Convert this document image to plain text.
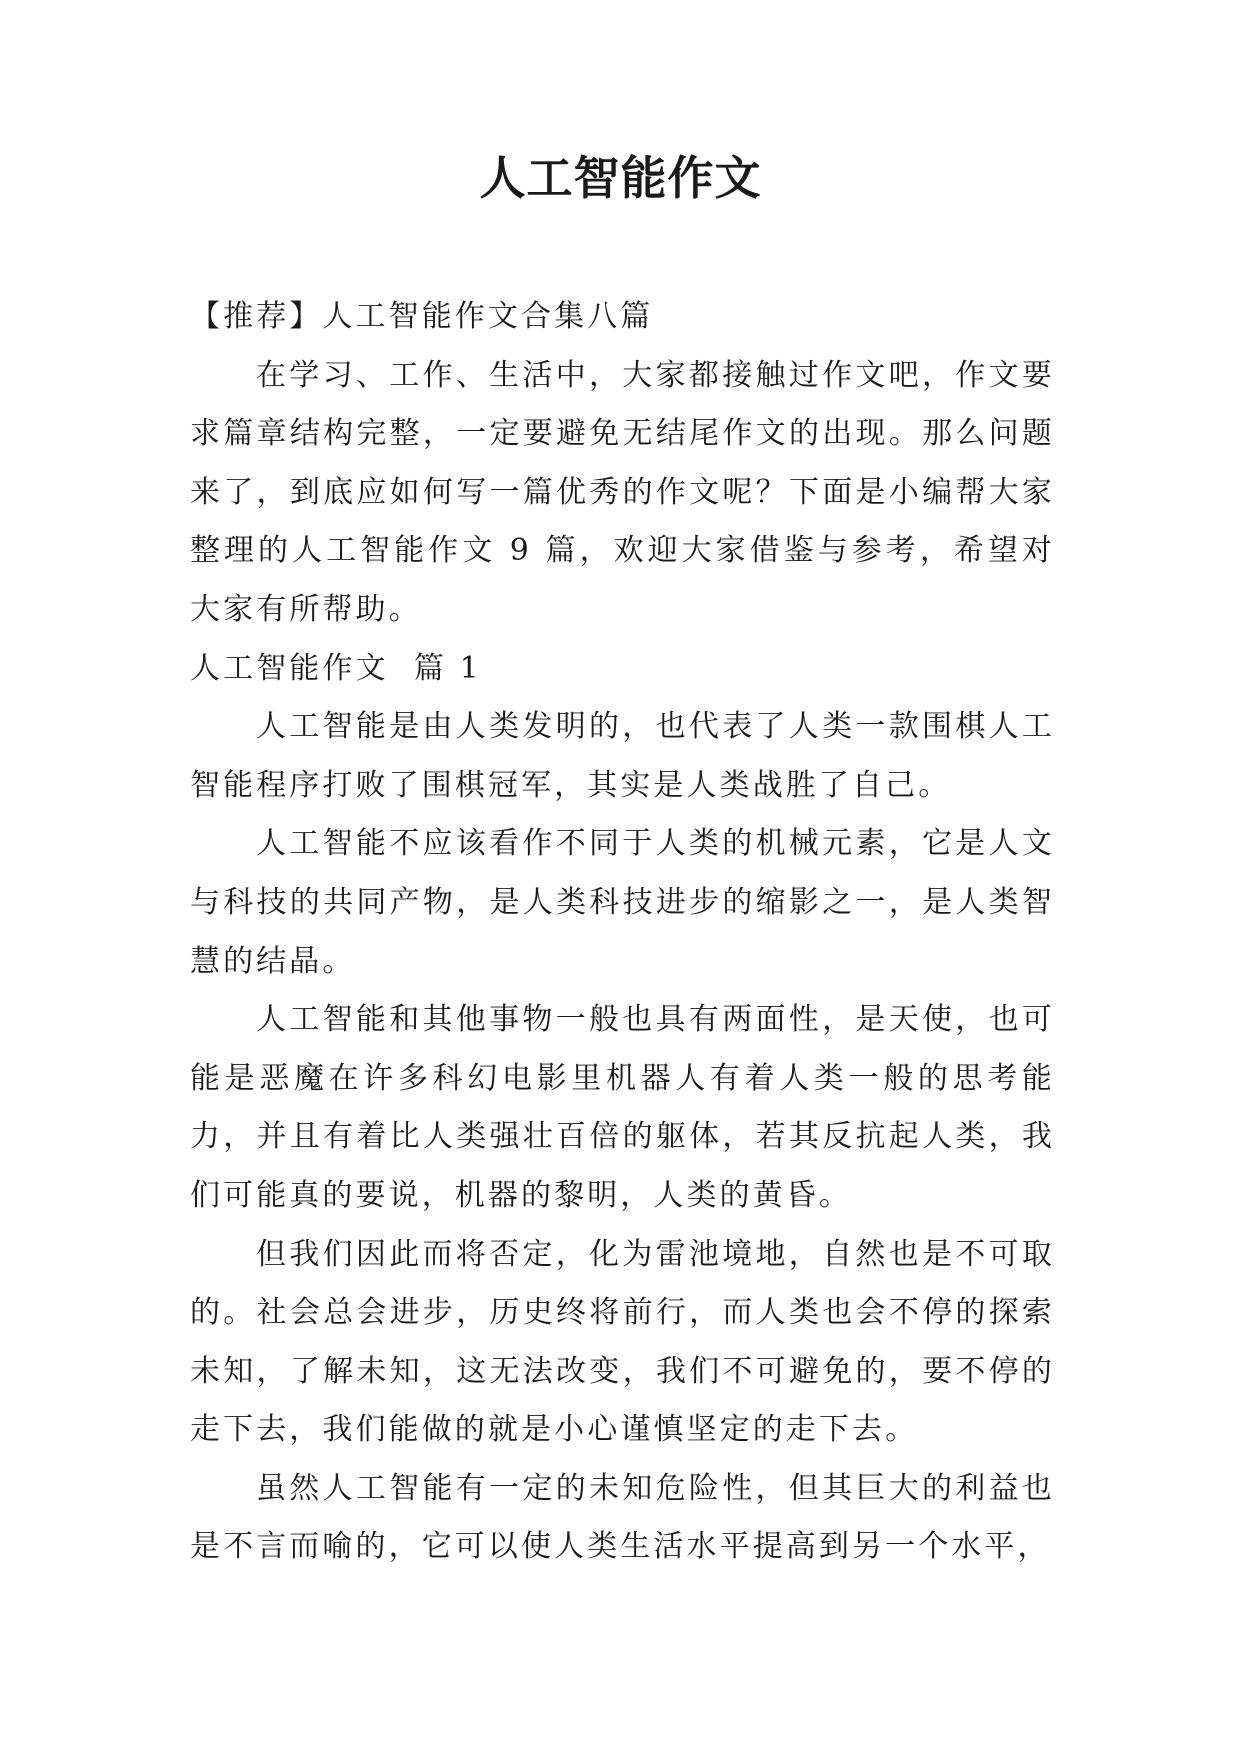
人工智能作文

【推荐】人工智能作文合集八篇

在学习、工作、生活中，大家都接触过作文吧，作文要求篇章结构完整，一定要避免无结尾作文的出现。那么问题来了，到底应如何写一篇优秀的作文呢？下面是小编帮大家整理的人工智能作文 9 篇，欢迎大家借鉴与参考，希望对大家有所帮助。

人工智能作文  篇 1

人工智能是由人类发明的，也代表了人类一款围棋人工智能程序打败了围棋冠军，其实是人类战胜了自己。

人工智能不应该看作不同于人类的机械元素，它是人文与科技的共同产物，是人类科技进步的缩影之一，是人类智慧的结晶。

人工智能和其他事物一般也具有两面性，是天使，也可能是恶魔在许多科幻电影里机器人有着人类一般的思考能力，并且有着比人类强壮百倍的躯体，若其反抗起人类，我们可能真的要说，机器的黎明，人类的黄昏。

但我们因此而将否定，化为雷池境地，自然也是不可取的。社会总会进步，历史终将前行，而人类也会不停的探索未知，了解未知，这无法改变，我们不可避免的，要不停的走下去，我们能做的就是小心谨慎坚定的走下去。

虽然人工智能有一定的未知危险性，但其巨大的利益也是不言而喻的，它可以使人类生活水平提高到另一个水平，
